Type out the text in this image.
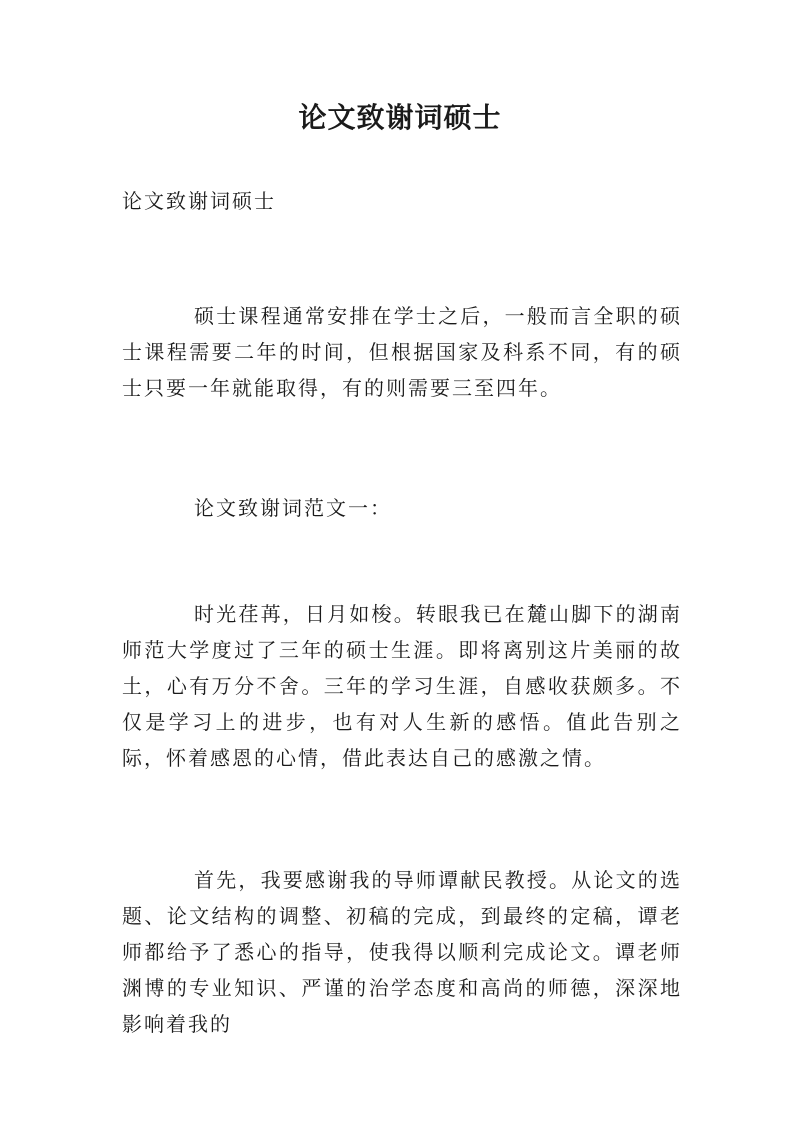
论文致谢词硕士
论文致谢词硕士

硕士课程通常安排在学士之后，一般而言全职的硕士课程需要二年的时间，但根据国家及科系不同，有的硕士只要一年就能取得，有的则需要三至四年。

论文致谢词范文一：

时光荏苒，日月如梭。转眼我已在麓山脚下的湖南师范大学度过了三年的硕士生涯。即将离别这片美丽的故土，心有万分不舍。三年的学习生涯，自感收获颇多。不仅是学习上的进步，也有对人生新的感悟。值此告别之际，怀着感恩的心情，借此表达自己的感激之情。

首先，我要感谢我的导师谭献民教授。从论文的选题、论文结构的调整、初稿的完成，到最终的定稿，谭老师都给予了悉心的指导，使我得以顺利完成论文。谭老师渊博的专业知识、严谨的治学态度和高尚的师德，深深地影响着我的
